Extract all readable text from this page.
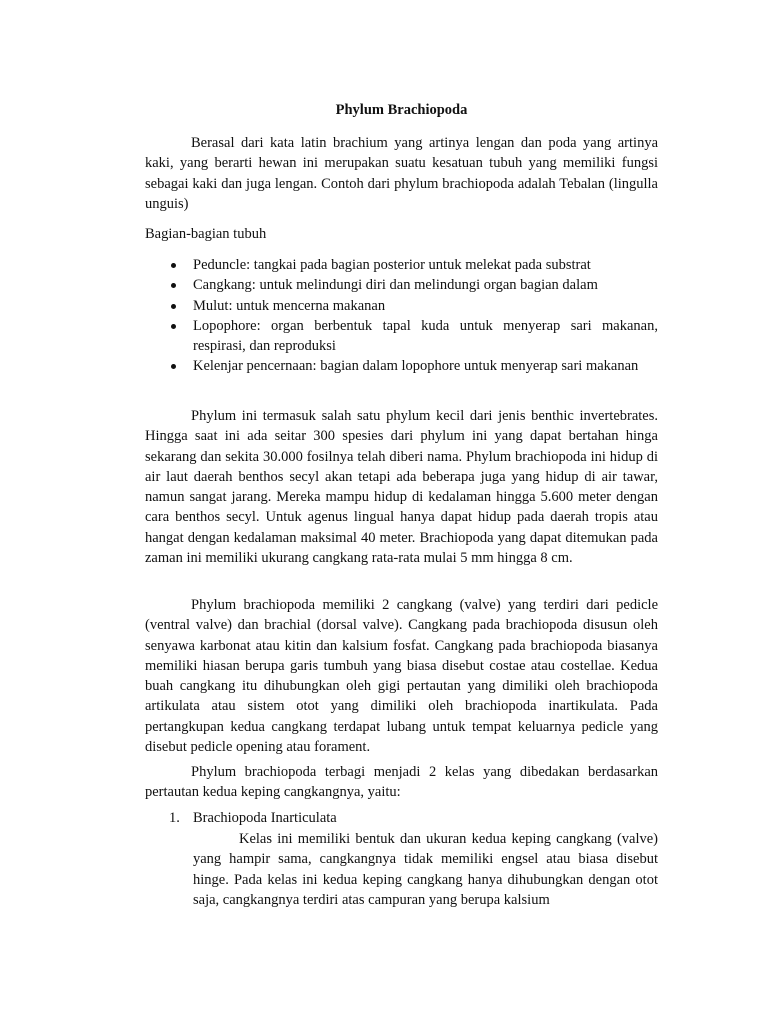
Phylum Brachiopoda

Berasal dari kata latin brachium yang artinya lengan dan poda yang artinya kaki, yang berarti hewan ini merupakan suatu kesatuan tubuh yang memiliki fungsi sebagai kaki dan juga lengan. Contoh dari phylum brachiopoda adalah Tebalan (lingulla unguis)

Bagian-bagian tubuh

Peduncle: tangkai pada bagian posterior untuk melekat pada substrat
Cangkang: untuk melindungi diri dan melindungi organ bagian dalam
Mulut: untuk mencerna makanan
Lopophore: organ berbentuk tapal kuda untuk menyerap sari makanan, respirasi, dan reproduksi
Kelenjar pencernaan: bagian dalam lopophore untuk menyerap sari makanan

Phylum ini termasuk salah satu phylum kecil dari jenis benthic invertebrates. Hingga saat ini ada seitar 300 spesies dari phylum ini yang dapat bertahan hinga sekarang dan sekita 30.000 fosilnya telah diberi nama. Phylum brachiopoda ini hidup di air laut daerah benthos secyl akan tetapi ada beberapa juga yang hidup di air tawar, namun sangat jarang. Mereka mampu hidup di kedalaman hingga 5.600 meter dengan cara benthos secyl. Untuk agenus lingual hanya dapat hidup pada daerah tropis atau hangat dengan kedalaman maksimal 40 meter. Brachiopoda yang dapat ditemukan pada zaman ini memiliki ukurang cangkang rata-rata mulai 5 mm hingga 8 cm.

Phylum brachiopoda memiliki 2 cangkang (valve) yang terdiri dari pedicle (ventral valve) dan brachial (dorsal valve). Cangkang pada brachiopoda disusun oleh senyawa karbonat atau kitin dan kalsium fosfat. Cangkang pada brachiopoda biasanya memiliki hiasan berupa garis tumbuh yang biasa disebut costae atau costellae. Kedua buah cangkang itu dihubungkan oleh gigi pertautan yang dimiliki oleh brachiopoda artikulata atau sistem otot yang dimiliki oleh brachiopoda inartikulata. Pada pertangkupan kedua cangkang terdapat lubang untuk tempat keluarnya pedicle yang disebut pedicle opening atau forament.

Phylum brachiopoda terbagi menjadi 2 kelas yang dibedakan berdasarkan pertautan kedua keping cangkangnya, yaitu:

1. Brachiopoda Inarticulata

Kelas ini memiliki bentuk dan ukuran kedua keping cangkang (valve) yang hampir sama, cangkangnya tidak memiliki engsel atau biasa disebut hinge. Pada kelas ini kedua keping cangkang hanya dihubungkan dengan otot saja, cangkangnya terdiri atas campuran yang berupa kalsium
